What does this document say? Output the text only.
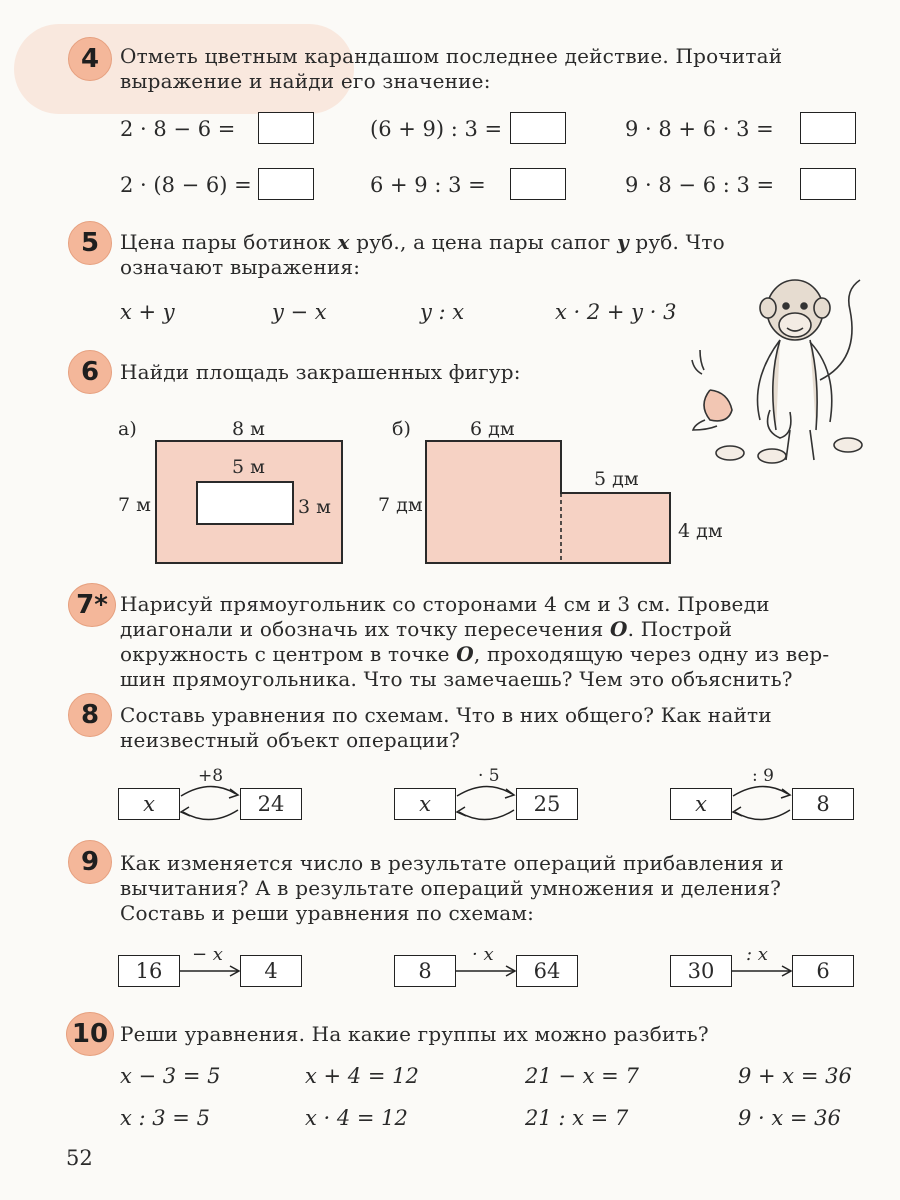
4	Отметь цветным карандашом последнее действие. Прочитай
выражение и найди его значение:
2 · 8 − 6 =	(6 + 9) : 3 =	9 · 8 + 6 · 3 =
2 · (8 − 6) =	6 + 9 : 3 =	9 · 8 − 6 : 3 =
5	Цена пары ботинок x руб., а цена пары сапог y руб. Что
означают выражения:
x + y	y − x	y : x	x · 2 + y · 3
6	Найди площадь закрашенных фигур:
а)	8 м
5 м
7 м	3 м
б)	6 дм
5 дм
7 дм
4 дм
7* Нарисуй прямоугольник со сторонами 4 см и 3 см. Проведи
диагонали и обозначь их точку пересечения O. Построй
окружность с центром в точке O, проходящую через одну из вер-
шин прямоугольника. Что ты замечаешь? Чем это объяснить?
8	Составь уравнения по схемам. Что в них общего? Как найти
неизвестный объект операции?
x	24
+8
x	25
· 5
x	8
: 9
9	Как изменяется число в результате операций прибавления и
вычитания? А в результате операций умножения и деления?
Составь и реши уравнения по схемам:
16	4
− x
8	64
· x
30	6
: x
10 Реши уравнения. На какие группы их можно разбить?
x − 3 = 5	x + 4 = 12	21 − x = 7	9 + x = 36
x : 3 = 5	x · 4 = 12	21 : x = 7	9 · x = 36
52
